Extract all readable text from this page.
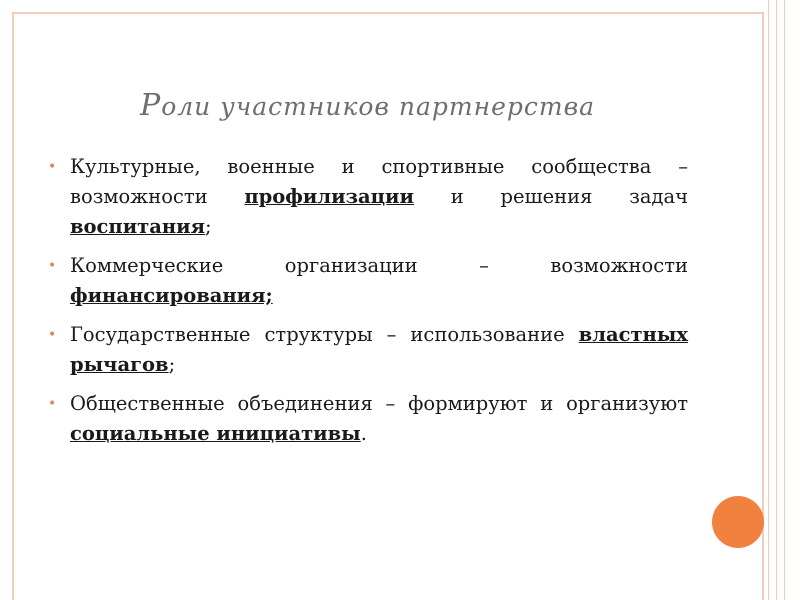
Роли участников партнерства

• Культурные, военные и спортивные сообщества – возможности профилизации и решения задач воспитания;

• Коммерческие организации – возможности финансирования;

• Государственные структуры – использование властных рычагов;

• Общественные объединения – формируют и организуют социальные инициативы.
